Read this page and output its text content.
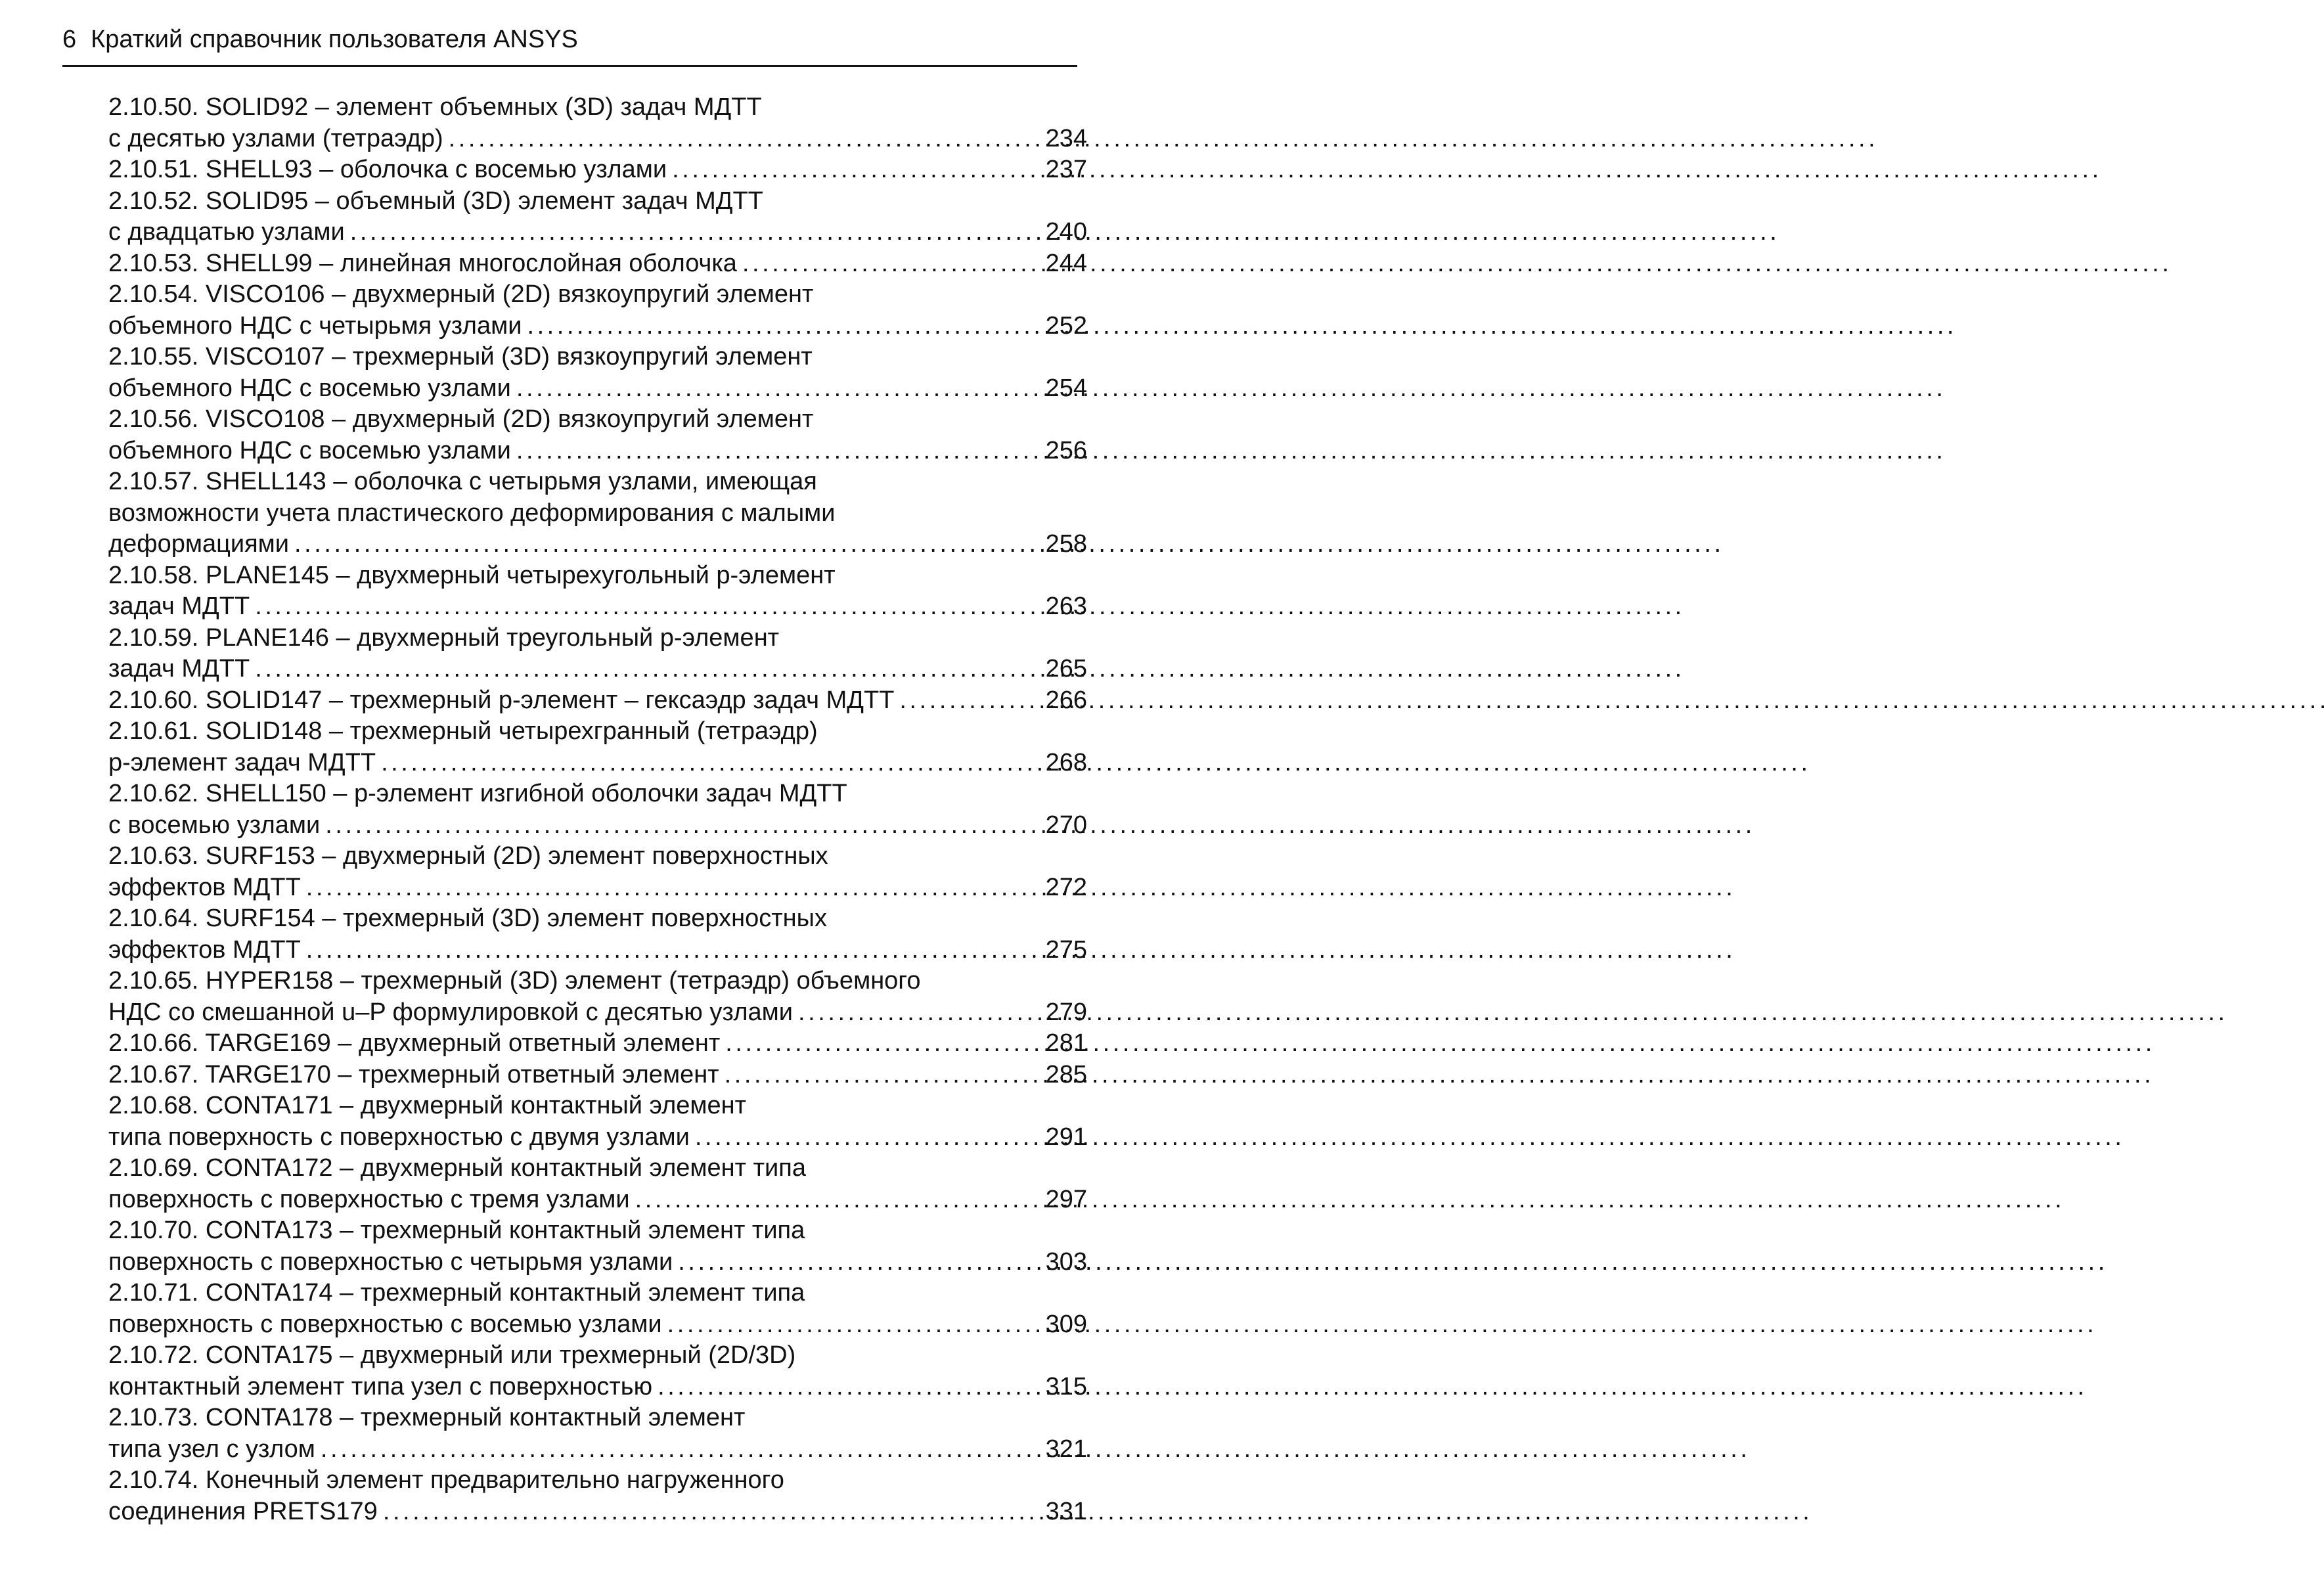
6 Краткий справочник пользователя ANSYS
2.10.50. SOLID92 – элемент объемных (3D) задач МДТТ
с десятью узлами (тетраэдр) . . .	234
2.10.51. SHELL93 – оболочка с восемью узлами . . .	237
2.10.52. SOLID95 – объемный (3D) элемент задач МДТТ
с двадцатью узлами . . .	240
2.10.53. SHELL99 – линейная многослойная оболочка . . .	244
2.10.54. VISCO106 – двухмерный (2D) вязкоупругий элемент
объемного НДС с четырьмя узлами . . .	252
2.10.55. VISCO107 – трехмерный (3D) вязкоупругий элемент
объемного НДС с восемью узлами . . .	254
2.10.56. VISCO108 – двухмерный (2D) вязкоупругий элемент
объемного НДС с восемью узлами . . .	256
2.10.57. SHELL143 – оболочка с четырьмя узлами, имеющая
возможности учета пластического деформирования с малыми
деформациями . . .	258
2.10.58. PLANE145 – двухмерный четырехугольный p-элемент
задач МДТТ . . .	263
2.10.59. PLANE146 – двухмерный треугольный p-элемент
задач МДТТ . . .	265
2.10.60. SOLID147 – трехмерный p-элемент – гексаэдр задач МДТТ . . .	266
2.10.61. SOLID148 – трехмерный четырехгранный (тетраэдр)
p-элемент задач МДТТ . . .	268
2.10.62. SHELL150 – p-элемент изгибной оболочки задач МДТТ
с восемью узлами . . .	270
2.10.63. SURF153 – двухмерный (2D) элемент поверхностных
эффектов МДТТ . . .	272
2.10.64. SURF154 – трехмерный (3D) элемент поверхностных
эффектов МДТТ . . .	275
2.10.65. HYPER158 – трехмерный (3D) элемент (тетраэдр) объемного
НДС со смешанной u–P формулировкой с десятью узлами . . .	279
2.10.66. TARGE169 – двухмерный ответный элемент . . .	281
2.10.67. TARGE170 – трехмерный ответный элемент . . .	285
2.10.68. CONTA171 – двухмерный контактный элемент
типа поверхность с поверхностью с двумя узлами . . .	291
2.10.69. CONTA172 – двухмерный контактный элемент типа
поверхность с поверхностью с тремя узлами . . .	297
2.10.70. CONTA173 – трехмерный контактный элемент типа
поверхность с поверхностью с четырьмя узлами . . .	303
2.10.71. CONTA174 – трехмерный контактный элемент типа
поверхность с поверхностью с восемью узлами . . .	309
2.10.72. CONTA175 – двухмерный или трехмерный (2D/3D)
контактный элемент типа узел с поверхностью . . .	315
2.10.73. CONTA178 – трехмерный контактный элемент
типа узел с узлом . . .	321
2.10.74. Конечный элемент предварительно нагруженного
соединения PRETS179 . . .	331
